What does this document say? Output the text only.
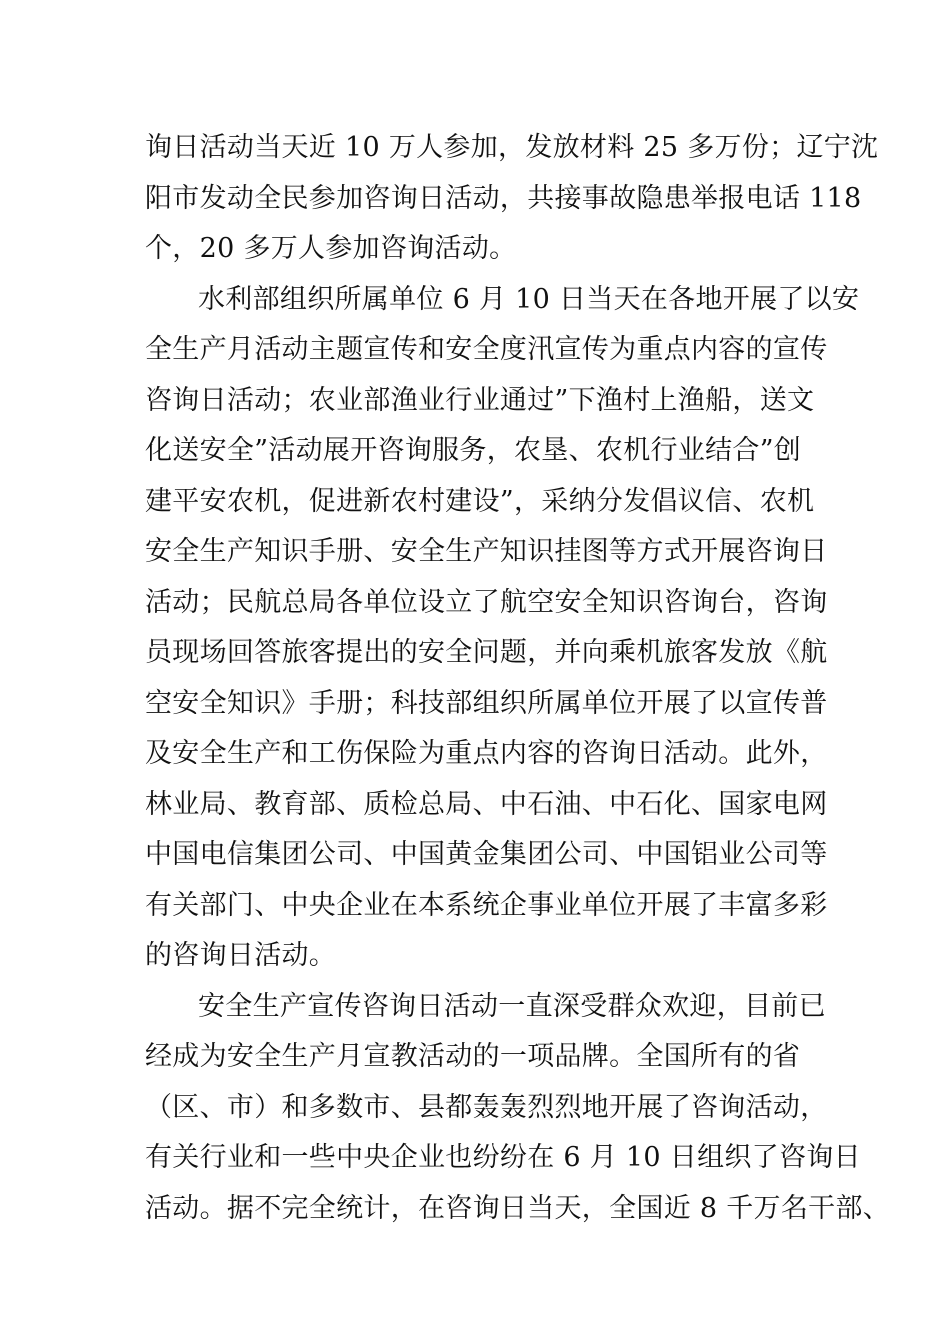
询日活动当天近 10 万人参加，发放材料 25 多万份；辽宁沈
阳市发动全民参加咨询日活动，共接事故隐患举报电话 118
个，20 多万人参加咨询活动。
水利部组织所属单位 6 月 10 日当天在各地开展了以安
全生产月活动主题宣传和安全度汛宣传为重点内容的宣传
咨询日活动；农业部渔业行业通过”下渔村上渔船，送文
化送安全”活动展开咨询服务，农垦、农机行业结合”创
建平安农机，促进新农村建设”，采纳分发倡议信、农机
安全生产知识手册、安全生产知识挂图等方式开展咨询日
活动；民航总局各单位设立了航空安全知识咨询台，咨询
员现场回答旅客提出的安全问题，并向乘机旅客发放《航
空安全知识》手册；科技部组织所属单位开展了以宣传普
及安全生产和工伤保险为重点内容的咨询日活动。此外，
林业局、教育部、质检总局、中石油、中石化、国家电网
中国电信集团公司、中国黄金集团公司、中国铝业公司等
有关部门、中央企业在本系统企事业单位开展了丰富多彩
的咨询日活动。
安全生产宣传咨询日活动一直深受群众欢迎，目前已
经成为安全生产月宣教活动的一项品牌。全国所有的省
（区、市）和多数市、县都轰轰烈烈地开展了咨询活动，
有关行业和一些中央企业也纷纷在 6 月 10 日组织了咨询日
活动。据不完全统计，在咨询日当天，全国近 8 千万名干部、
